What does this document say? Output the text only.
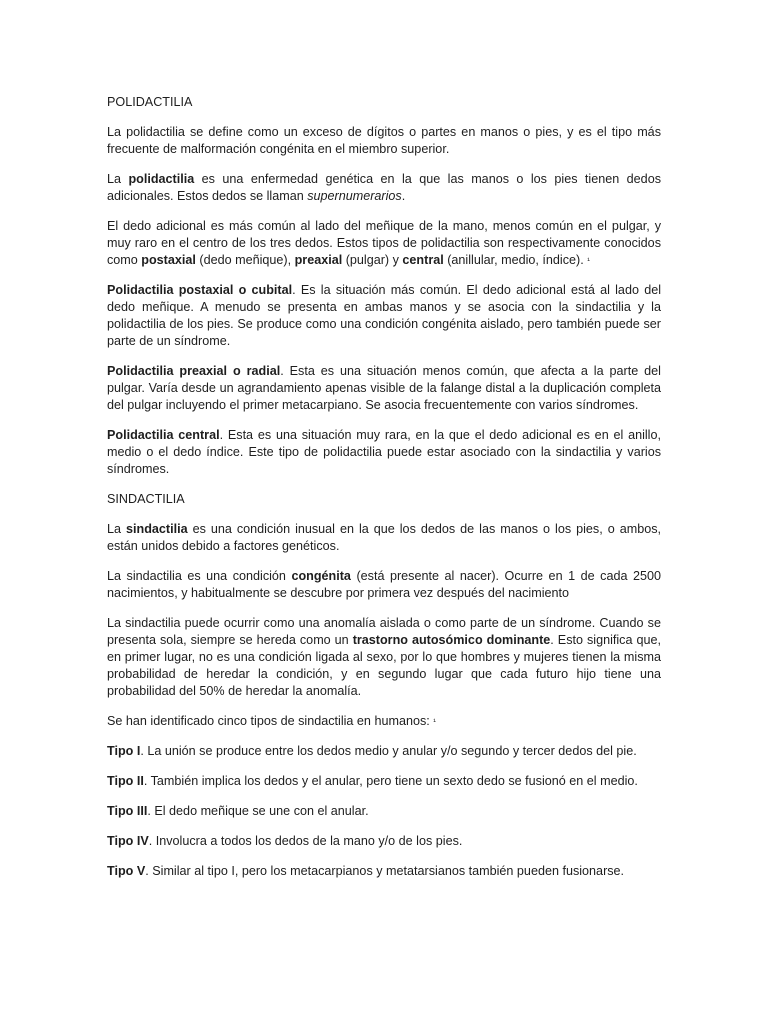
POLIDACTILIA

La polidactilia se define como un exceso de dígitos o partes en manos o pies, y es el tipo más frecuente de malformación congénita en el miembro superior.

La polidactilia es una enfermedad genética en la que las manos o los pies tienen dedos adicionales. Estos dedos se llaman supernumerarios.

El dedo adicional es más común al lado del meñique de la mano, menos común en el pulgar, y muy raro en el centro de los tres dedos. Estos tipos de polidactilia son respectivamente conocidos como postaxial (dedo meñique), preaxial (pulgar) y central (anillular, medio, índice). ¹

Polidactilia postaxial o cubital. Es la situación más común. El dedo adicional está al lado del dedo meñique. A menudo se presenta en ambas manos y se asocia con la sindactilia y la polidactilia de los pies. Se produce como una condición congénita aislado, pero también puede ser parte de un síndrome.

Polidactilia preaxial o radial. Esta es una situación menos común, que afecta a la parte del pulgar. Varía desde un agrandamiento apenas visible de la falange distal a la duplicación completa del pulgar incluyendo el primer metacarpiano. Se asocia frecuentemente con varios síndromes.

Polidactilia central. Esta es una situación muy rara, en la que el dedo adicional es en el anillo, medio o el dedo índice. Este tipo de polidactilia puede estar asociado con la sindactilia y varios síndromes.

SINDACTILIA

La sindactilia es una condición inusual en la que los dedos de las manos o los pies, o ambos, están unidos debido a factores genéticos.

La sindactilia es una condición congénita (está presente al nacer). Ocurre en 1 de cada 2500 nacimientos, y habitualmente se descubre por primera vez después del nacimiento

La sindactilia puede ocurrir como una anomalía aislada o como parte de un síndrome. Cuando se presenta sola, siempre se hereda como un trastorno autosómico dominante. Esto significa que, en primer lugar, no es una condición ligada al sexo, por lo que hombres y mujeres tienen la misma probabilidad de heredar la condición, y en segundo lugar que cada futuro hijo tiene una probabilidad del 50% de heredar la anomalía.

Se han identificado cinco tipos de sindactilia en humanos: ¹

Tipo I. La unión se produce entre los dedos medio y anular y/o segundo y tercer dedos del pie.

Tipo II. También implica los dedos y el anular, pero tiene un sexto dedo se fusionó en el medio.

Tipo III. El dedo meñique se une con el anular.

Tipo IV. Involucra a todos los dedos de la mano y/o de los pies.

Tipo V. Similar al tipo I, pero los metacarpianos y metatarsianos también pueden fusionarse.
